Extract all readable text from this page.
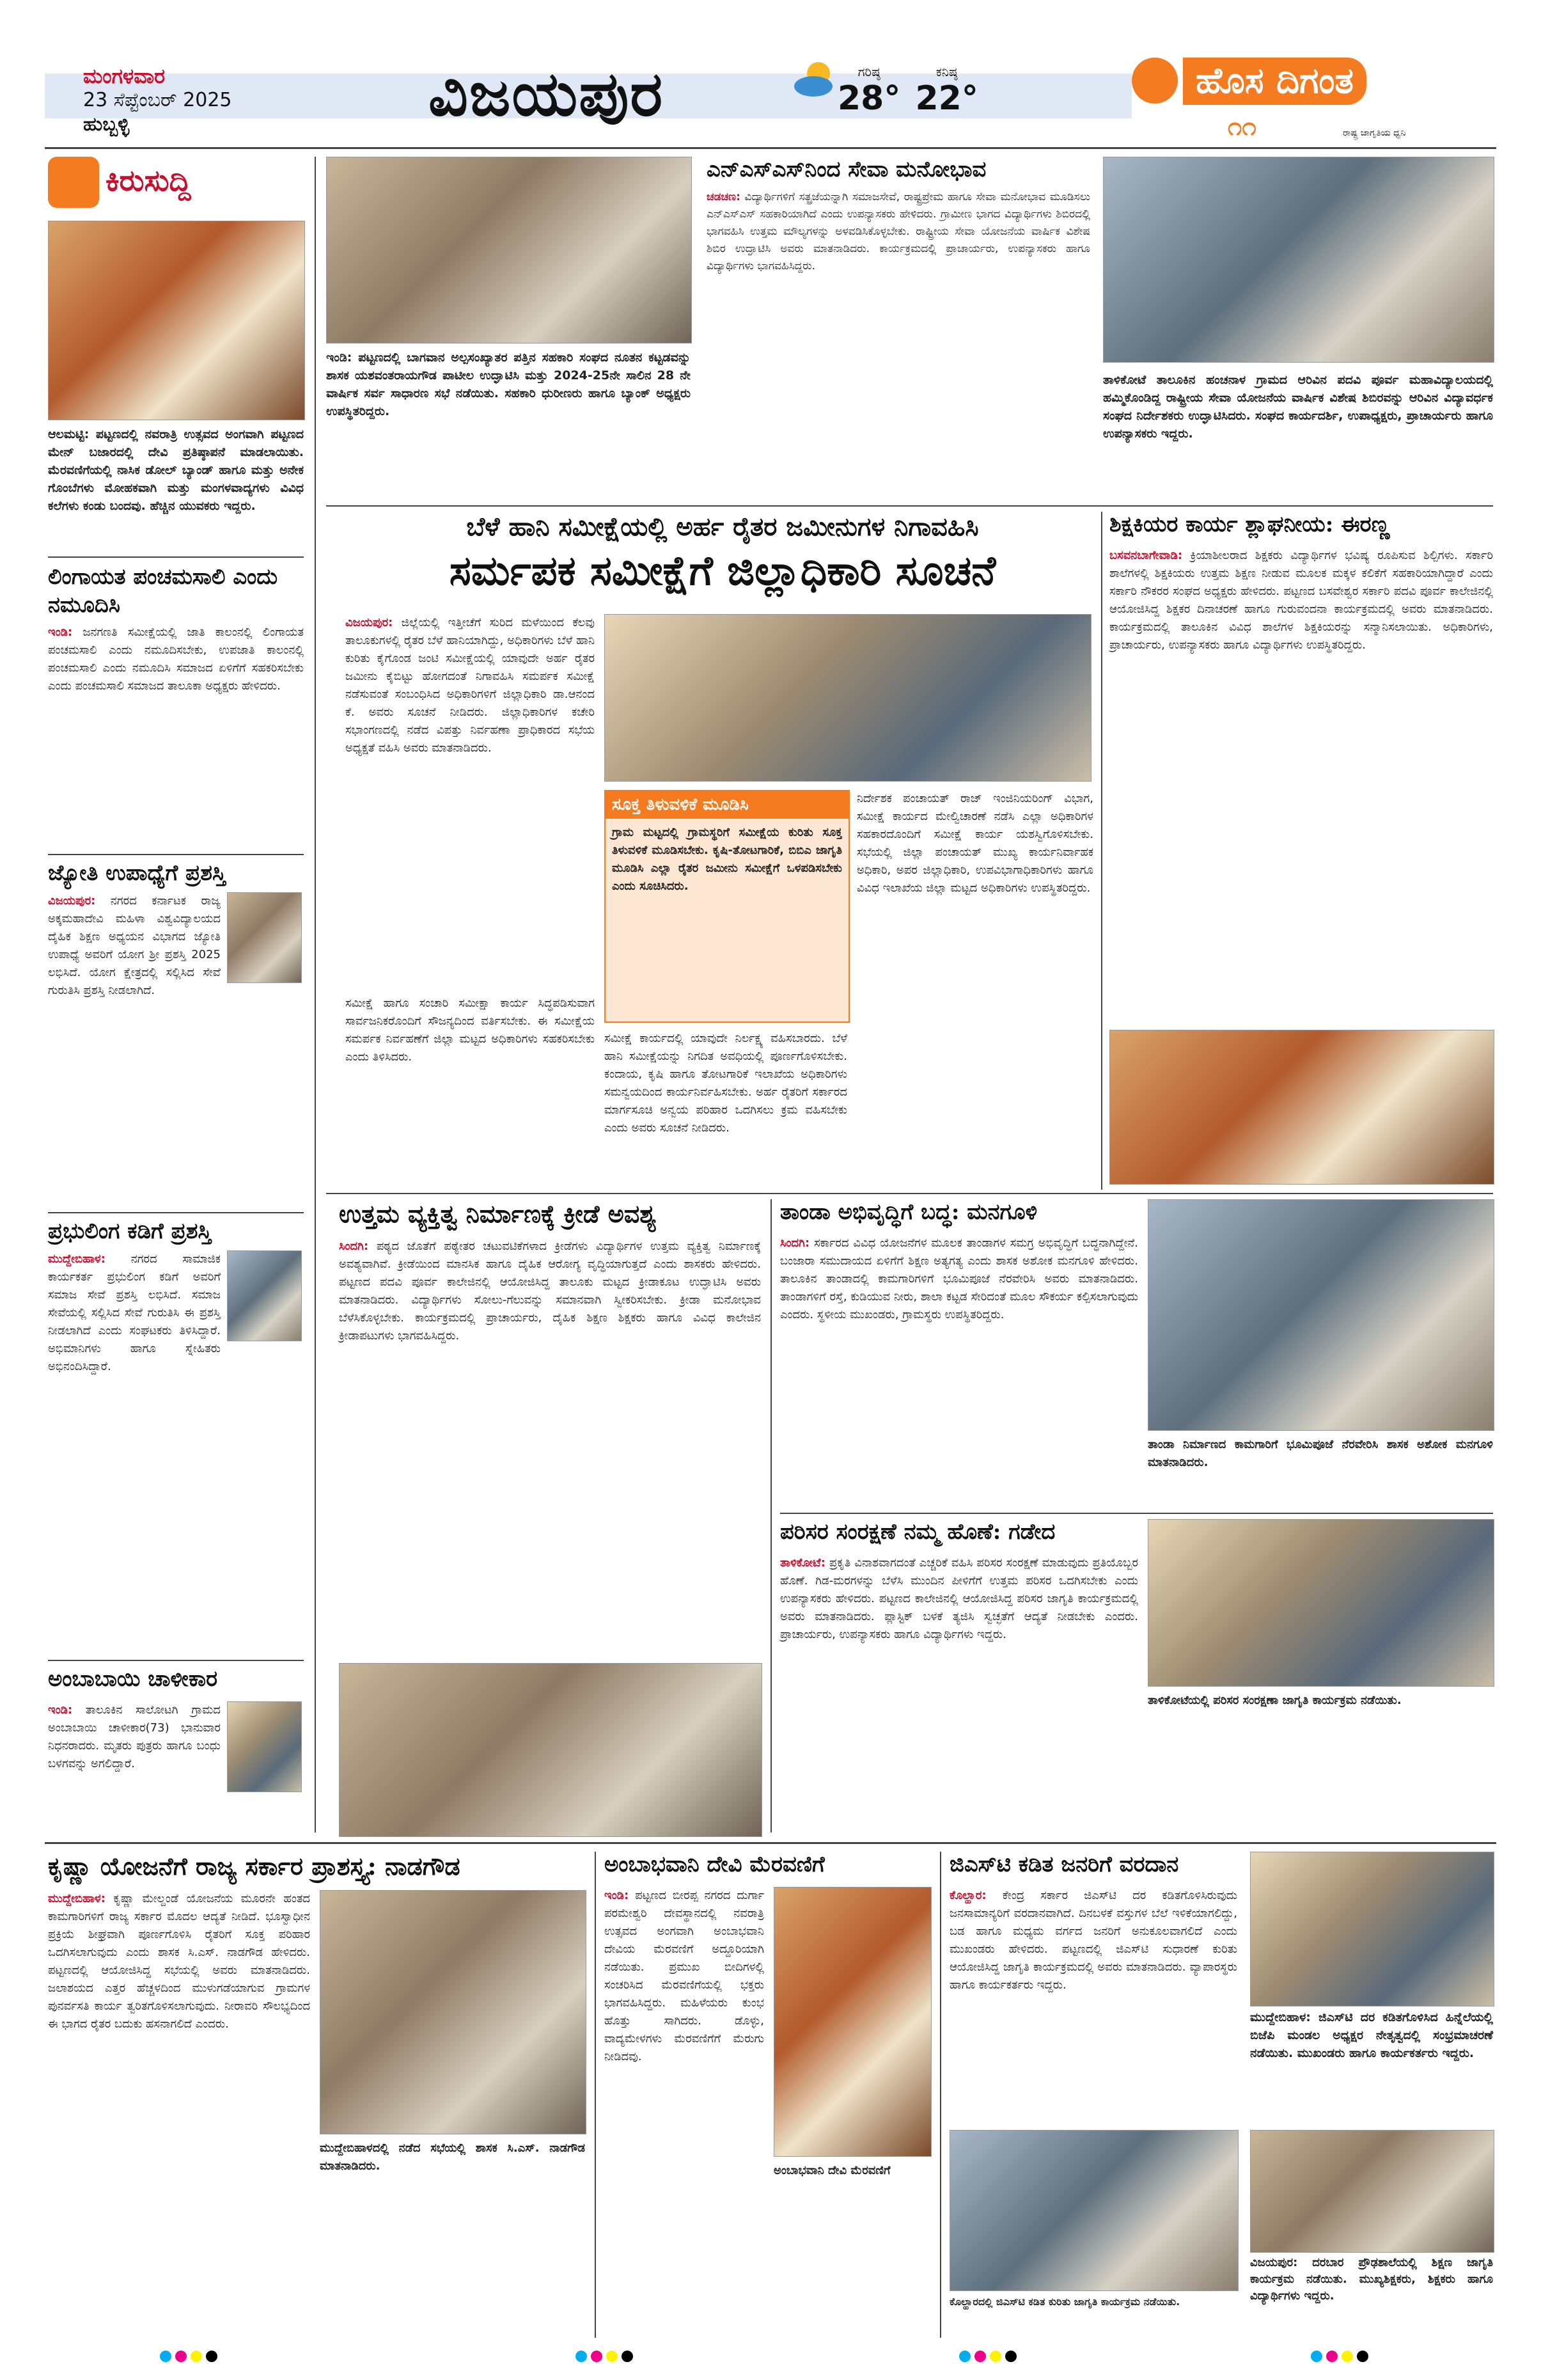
ಮಂಗಳವಾರ
23 ಸೆಪ್ಟೆಂಬರ್ 2025
ಹುಬ್ಬಳ್ಳಿ	ವಿಜಯಪುರ	ಗರಿಷ್ಠ
28°
ಕನಿಷ್ಠ
22°	ಹೊಸ ದಿಗಂತ
೧೧	ರಾಷ್ಟ್ರ ಜಾಗೃತಿಯ ಧ್ವನಿ
ಕಿರುಸುದ್ದಿ
ಆಲಮಟ್ಟಿ: ಪಟ್ಟಣದಲ್ಲಿ ನವರಾತ್ರಿ ಉತ್ಸವದ ಅಂಗವಾಗಿ ಪಟ್ಟಣದ ಮೇನ್ ಬಜಾರದಲ್ಲಿ ದೇವಿ ಪ್ರತಿಷ್ಠಾಪನೆ ಮಾಡಲಾಯಿತು. ಮೆರವಣಿಗೆಯಲ್ಲಿ ನಾಸಿಕ ಡೋಲ್ ಬ್ಯಾಂಡ್ ಹಾಗೂ ಮತ್ತು ಅನೇಕ ಗೊಂಬೆಗಳು ಮೋಹಕವಾಗಿ ಮತ್ತು ಮಂಗಳವಾದ್ಯಗಳು ವಿವಿಧ ಕಲೆಗಳು ಕಂಡು ಬಂದವು. ಹೆಚ್ಚಿನ ಯುವಕರು ಇದ್ದರು.
ಲಿಂಗಾಯತ ಪಂಚಮಸಾಲಿ ಎಂದು ನಮೂದಿಸಿ
ಇಂಡಿ: ಜನಗಣತಿ ಸಮೀಕ್ಷೆಯಲ್ಲಿ ಜಾತಿ ಕಾಲಂನಲ್ಲಿ ಲಿಂಗಾಯತ ಪಂಚಮಸಾಲಿ ಎಂದು ನಮೂದಿಸಬೇಕು, ಉಪಜಾತಿ ಕಾಲಂನಲ್ಲಿ ಪಂಚಮಸಾಲಿ ಎಂದು ನಮೂದಿಸಿ ಸಮಾಜದ ಏಳಿಗೆಗೆ ಸಹಕರಿಸಬೇಕು ಎಂದು ಪಂಚಮಸಾಲಿ ಸಮಾಜದ ತಾಲೂಕಾ ಅಧ್ಯಕ್ಷರು ಹೇಳಿದರು.
ಜ್ಯೋತಿ ಉಪಾಧ್ಯೆಗೆ ಪ್ರಶಸ್ತಿ
ವಿಜಯಪುರ: ನಗರದ ಕರ್ನಾಟಕ ರಾಜ್ಯ ಅಕ್ಕಮಹಾದೇವಿ ಮಹಿಳಾ ವಿಶ್ವವಿದ್ಯಾಲಯದ ದೈಹಿಕ ಶಿಕ್ಷಣ ಅಧ್ಯಯನ ವಿಭಾಗದ ಜ್ಯೋತಿ ಉಪಾಧ್ಯೆ ಅವರಿಗೆ ಯೋಗ ಶ್ರೀ ಪ್ರಶಸ್ತಿ 2025 ಲಭಿಸಿದೆ. ಯೋಗ ಕ್ಷೇತ್ರದಲ್ಲಿ ಸಲ್ಲಿಸಿದ ಸೇವೆ ಗುರುತಿಸಿ ಪ್ರಶಸ್ತಿ ನೀಡಲಾಗಿದೆ.
ಪ್ರಭುಲಿಂಗ ಕಡಿಗೆ ಪ್ರಶಸ್ತಿ
ಮುದ್ದೇಬಿಹಾಳ: ನಗರದ ಸಾಮಾಜಿಕ ಕಾರ್ಯಕರ್ತ ಪ್ರಭುಲಿಂಗ ಕಡಿಗೆ ಅವರಿಗೆ ಸಮಾಜ ಸೇವೆ ಪ್ರಶಸ್ತಿ ಲಭಿಸಿದೆ. ಸಮಾಜ ಸೇವೆಯಲ್ಲಿ ಸಲ್ಲಿಸಿದ ಸೇವೆ ಗುರುತಿಸಿ ಈ ಪ್ರಶಸ್ತಿ ನೀಡಲಾಗಿದೆ ಎಂದು ಸಂಘಟಕರು ತಿಳಿಸಿದ್ದಾರೆ. ಅಭಿಮಾನಿಗಳು ಹಾಗೂ ಸ್ನೇಹಿತರು ಅಭಿನಂದಿಸಿದ್ದಾರೆ.
ಅಂಬಾಬಾಯಿ ಚಾಳೀಕಾರ
ಇಂಡಿ: ತಾಲೂಕಿನ ಸಾಲೋಟಗಿ ಗ್ರಾಮದ ಅಂಬಾಬಾಯಿ ಚಾಳೀಕಾರ(73) ಭಾನುವಾರ ನಿಧನರಾದರು. ಮೃತರು ಪುತ್ರರು ಹಾಗೂ ಬಂಧು ಬಳಗವನ್ನು ಅಗಲಿದ್ದಾರೆ.
ಇಂಡಿ: ಪಟ್ಟಣದಲ್ಲಿ ಬಾಗವಾನ ಅಲ್ಪಸಂಖ್ಯಾತರ ಪತ್ತಿನ ಸಹಕಾರಿ ಸಂಘದ ನೂತನ ಕಟ್ಟಡವನ್ನು ಶಾಸಕ ಯಶವಂತರಾಯಗೌಡ ಪಾಟೀಲ ಉದ್ಘಾಟಿಸಿ ಮತ್ತು 2024-25ನೇ ಸಾಲಿನ 28 ನೇ ವಾರ್ಷಿಕ ಸರ್ವ ಸಾಧಾರಣ ಸಭೆ ನಡೆಯಿತು. ಸಹಕಾರಿ ಧುರೀಣರು ಹಾಗೂ ಬ್ಯಾಂಕ್ ಅಧ್ಯಕ್ಷರು ಉಪಸ್ಥಿತರಿದ್ದರು.
ಎನ್‌ಎಸ್‌ಎಸ್‌ನಿಂದ ಸೇವಾ ಮನೋಭಾವ
ಚಡಚಣ: ವಿದ್ಯಾರ್ಥಿಗಳಿಗೆ ಸತ್ಪ್ರಜೆಯನ್ನಾಗಿ ಸಮಾಜಸೇವೆ, ರಾಷ್ಟ್ರಪ್ರೇಮ ಹಾಗೂ ಸೇವಾ ಮನೋಭಾವ ಮೂಡಿಸಲು ಎನ್‌ಎಸ್‌ಎಸ್ ಸಹಕಾರಿಯಾಗಿದೆ ಎಂದು ಉಪನ್ಯಾಸಕರು ಹೇಳಿದರು. ಗ್ರಾಮೀಣ ಭಾಗದ ವಿದ್ಯಾರ್ಥಿಗಳು ಶಿಬಿರದಲ್ಲಿ ಭಾಗವಹಿಸಿ ಉತ್ತಮ ಮೌಲ್ಯಗಳನ್ನು ಅಳವಡಿಸಿಕೊಳ್ಳಬೇಕು. ರಾಷ್ಟ್ರೀಯ ಸೇವಾ ಯೋಜನೆಯ ವಾರ್ಷಿಕ ವಿಶೇಷ ಶಿಬಿರ ಉದ್ಘಾಟಿಸಿ ಅವರು ಮಾತನಾಡಿದರು. ಕಾರ್ಯಕ್ರಮದಲ್ಲಿ ಪ್ರಾಚಾರ್ಯರು, ಉಪನ್ಯಾಸಕರು ಹಾಗೂ ವಿದ್ಯಾರ್ಥಿಗಳು ಭಾಗವಹಿಸಿದ್ದರು.
ತಾಳಿಕೋಟೆ ತಾಲೂಕಿನ ಹಂಚನಾಳ ಗ್ರಾಮದ ಆರಿವಿನ ಪದವಿ ಪೂರ್ವ ಮಹಾವಿದ್ಯಾಲಯದಲ್ಲಿ ಹಮ್ಮಿಕೊಂಡಿದ್ದ ರಾಷ್ಟ್ರೀಯ ಸೇವಾ ಯೋಜನೆಯ ವಾರ್ಷಿಕ ವಿಶೇಷ ಶಿಬಿರವನ್ನು ಆರಿವಿನ ವಿದ್ಯಾವರ್ಧಕ ಸಂಘದ ನಿರ್ದೇಶಕರು ಉದ್ಘಾಟಿಸಿದರು. ಸಂಘದ ಕಾರ್ಯದರ್ಶಿ, ಉಪಾಧ್ಯಕ್ಷರು, ಪ್ರಾಚಾರ್ಯರು ಹಾಗೂ ಉಪನ್ಯಾಸಕರು ಇದ್ದರು.
ಬೆಳೆ ಹಾನಿ ಸಮೀಕ್ಷೆಯಲ್ಲಿ ಅರ್ಹ ರೈತರ ಜಮೀನುಗಳ ನಿಗಾವಹಿಸಿ
ಸರ್ಮಪಕ ಸಮೀಕ್ಷೆಗೆ ಜಿಲ್ಲಾಧಿಕಾರಿ ಸೂಚನೆ
ವಿಜಯಪುರ: ಜಿಲ್ಲೆಯಲ್ಲಿ ಇತ್ತೀಚೆಗೆ ಸುರಿದ ಮಳೆಯಿಂದ ಕೆಲವು ತಾಲೂಕುಗಳಲ್ಲಿ ರೈತರ ಬೆಳೆ ಹಾನಿಯಾಗಿದ್ದು, ಅಧಿಕಾರಿಗಳು ಬೆಳೆ ಹಾನಿ ಕುರಿತು ಕೈಗೊಂಡ ಜಂಟಿ ಸಮೀಕ್ಷೆಯಲ್ಲಿ ಯಾವುದೇ ಅರ್ಹ ರೈತರ ಜಮೀನು ಕೈಬಿಟ್ಟು ಹೋಗದಂತೆ ನಿಗಾವಹಿಸಿ ಸಮರ್ಪಕ ಸಮೀಕ್ಷೆ ನಡೆಸುವಂತೆ ಸಂಬಂಧಿಸಿದ ಅಧಿಕಾರಿಗಳಿಗೆ ಜಿಲ್ಲಾಧಿಕಾರಿ ಡಾ.ಆನಂದ ಕೆ. ಅವರು ಸೂಚನೆ ನೀಡಿದರು. ಜಿಲ್ಲಾಧಿಕಾರಿಗಳ ಕಚೇರಿ ಸಭಾಂಗಣದಲ್ಲಿ ನಡೆದ ವಿಪತ್ತು ನಿರ್ವಹಣಾ ಪ್ರಾಧಿಕಾರದ ಸಭೆಯ ಅಧ್ಯಕ್ಷತೆ ವಹಿಸಿ ಅವರು ಮಾತನಾಡಿದರು.
ಸೂಕ್ತ ತಿಳುವಳಿಕೆ ಮೂಡಿಸಿ
ಗ್ರಾಮ ಮಟ್ಟದಲ್ಲಿ ಗ್ರಾಮಸ್ಥರಿಗೆ ಸಮೀಕ್ಷೆಯ ಕುರಿತು ಸೂಕ್ತ ತಿಳುವಳಿಕೆ ಮೂಡಿಸಬೇಕು. ಕೃಷಿ-ತೋಟಗಾರಿಕೆ, ಬಿಬಿಎ ಜಾಗೃತಿ ಮೂಡಿಸಿ ಎಲ್ಲಾ ರೈತರ ಜಮೀನು ಸಮೀಕ್ಷೆಗೆ ಒಳಪಡಿಸಬೇಕು ಎಂದು ಸೂಚಿಸಿದರು.
ಸಮೀಕ್ಷೆ ಹಾಗೂ ಸಂಚಾರಿ ಸಮೀಕ್ಷಾ ಕಾರ್ಯ ಸಿದ್ಧಪಡಿಸುವಾಗ ಸಾರ್ವಜನಿಕರೊಂದಿಗೆ ಸೌಜನ್ಯದಿಂದ ವರ್ತಿಸಬೇಕು. ಈ ಸಮೀಕ್ಷೆಯ ಸಮರ್ಪಕ ನಿರ್ವಹಣೆಗೆ ಜಿಲ್ಲಾ ಮಟ್ಟದ ಅಧಿಕಾರಿಗಳು ಸಹಕರಿಸಬೇಕು ಎಂದು ತಿಳಿಸಿದರು.
ಸಮೀಕ್ಷೆ ಕಾರ್ಯದಲ್ಲಿ ಯಾವುದೇ ನಿರ್ಲಕ್ಷ್ಯ ವಹಿಸಬಾರದು. ಬೆಳೆ ಹಾನಿ ಸಮೀಕ್ಷೆಯನ್ನು ನಿಗದಿತ ಅವಧಿಯಲ್ಲಿ ಪೂರ್ಣಗೊಳಿಸಬೇಕು. ಕಂದಾಯ, ಕೃಷಿ ಹಾಗೂ ತೋಟಗಾರಿಕೆ ಇಲಾಖೆಯ ಅಧಿಕಾರಿಗಳು ಸಮನ್ವಯದಿಂದ ಕಾರ್ಯನಿರ್ವಹಿಸಬೇಕು. ಅರ್ಹ ರೈತರಿಗೆ ಸರ್ಕಾರದ ಮಾರ್ಗಸೂಚಿ ಅನ್ವಯ ಪರಿಹಾರ ಒದಗಿಸಲು ಕ್ರಮ ವಹಿಸಬೇಕು ಎಂದು ಅವರು ಸೂಚನೆ ನೀಡಿದರು.
ನಿರ್ದೇಶಕ ಪಂಚಾಯತ್ ರಾಜ್ ಇಂಜಿನಿಯರಿಂಗ್ ವಿಭಾಗ, ಸಮೀಕ್ಷೆ ಕಾರ್ಯದ ಮೇಲ್ವಿಚಾರಣೆ ನಡೆಸಿ ಎಲ್ಲಾ ಅಧಿಕಾರಿಗಳ ಸಹಕಾರದೊಂದಿಗೆ ಸಮೀಕ್ಷೆ ಕಾರ್ಯ ಯಶಸ್ವಿಗೊಳಿಸಬೇಕು. ಸಭೆಯಲ್ಲಿ ಜಿಲ್ಲಾ ಪಂಚಾಯತ್ ಮುಖ್ಯ ಕಾರ್ಯನಿರ್ವಾಹಕ ಅಧಿಕಾರಿ, ಅಪರ ಜಿಲ್ಲಾಧಿಕಾರಿ, ಉಪವಿಭಾಗಾಧಿಕಾರಿಗಳು ಹಾಗೂ ವಿವಿಧ ಇಲಾಖೆಯ ಜಿಲ್ಲಾ ಮಟ್ಟದ ಅಧಿಕಾರಿಗಳು ಉಪಸ್ಥಿತರಿದ್ದರು.
ಶಿಕ್ಷಕಿಯರ ಕಾರ್ಯ ಶ್ಲಾಘನೀಯ: ಈರಣ್ಣ
ಬಸವನಬಾಗೇವಾಡಿ: ಕ್ರಿಯಾಶೀಲರಾದ ಶಿಕ್ಷಕರು ವಿದ್ಯಾರ್ಥಿಗಳ ಭವಿಷ್ಯ ರೂಪಿಸುವ ಶಿಲ್ಪಿಗಳು. ಸರ್ಕಾರಿ ಶಾಲೆಗಳಲ್ಲಿ ಶಿಕ್ಷಕಿಯರು ಉತ್ತಮ ಶಿಕ್ಷಣ ನೀಡುವ ಮೂಲಕ ಮಕ್ಕಳ ಕಲಿಕೆಗೆ ಸಹಕಾರಿಯಾಗಿದ್ದಾರೆ ಎಂದು ಸರ್ಕಾರಿ ನೌಕರರ ಸಂಘದ ಅಧ್ಯಕ್ಷರು ಹೇಳಿದರು. ಪಟ್ಟಣದ ಬಸವೇಶ್ವರ ಸರ್ಕಾರಿ ಪದವಿ ಪೂರ್ವ ಕಾಲೇಜಿನಲ್ಲಿ ಆಯೋಜಿಸಿದ್ದ ಶಿಕ್ಷಕರ ದಿನಾಚರಣೆ ಹಾಗೂ ಗುರುವಂದನಾ ಕಾರ್ಯಕ್ರಮದಲ್ಲಿ ಅವರು ಮಾತನಾಡಿದರು. ಕಾರ್ಯಕ್ರಮದಲ್ಲಿ ತಾಲೂಕಿನ ವಿವಿಧ ಶಾಲೆಗಳ ಶಿಕ್ಷಕಿಯರನ್ನು ಸನ್ಮಾನಿಸಲಾಯಿತು. ಅಧಿಕಾರಿಗಳು, ಪ್ರಾಚಾರ್ಯರು, ಉಪನ್ಯಾಸಕರು ಹಾಗೂ ವಿದ್ಯಾರ್ಥಿಗಳು ಉಪಸ್ಥಿತರಿದ್ದರು.
ಉತ್ತಮ ವ್ಯಕ್ತಿತ್ವ ನಿರ್ಮಾಣಕ್ಕೆ ಕ್ರೀಡೆ ಅವಶ್ಯ
ಸಿಂದಗಿ: ಪಠ್ಯದ ಜೊತೆಗೆ ಪಠ್ಯೇತರ ಚಟುವಟಿಕೆಗಳಾದ ಕ್ರೀಡೆಗಳು ವಿದ್ಯಾರ್ಥಿಗಳ ಉತ್ತಮ ವ್ಯಕ್ತಿತ್ವ ನಿರ್ಮಾಣಕ್ಕೆ ಅವಶ್ಯವಾಗಿವೆ. ಕ್ರೀಡೆಯಿಂದ ಮಾನಸಿಕ ಹಾಗೂ ದೈಹಿಕ ಆರೋಗ್ಯ ವೃದ್ಧಿಯಾಗುತ್ತದೆ ಎಂದು ಶಾಸಕರು ಹೇಳಿದರು. ಪಟ್ಟಣದ ಪದವಿ ಪೂರ್ವ ಕಾಲೇಜಿನಲ್ಲಿ ಆಯೋಜಿಸಿದ್ದ ತಾಲೂಕು ಮಟ್ಟದ ಕ್ರೀಡಾಕೂಟ ಉದ್ಘಾಟಿಸಿ ಅವರು ಮಾತನಾಡಿದರು. ವಿದ್ಯಾರ್ಥಿಗಳು ಸೋಲು-ಗೆಲುವನ್ನು ಸಮಾನವಾಗಿ ಸ್ವೀಕರಿಸಬೇಕು. ಕ್ರೀಡಾ ಮನೋಭಾವ ಬೆಳೆಸಿಕೊಳ್ಳಬೇಕು. ಕಾರ್ಯಕ್ರಮದಲ್ಲಿ ಪ್ರಾಚಾರ್ಯರು, ದೈಹಿಕ ಶಿಕ್ಷಣ ಶಿಕ್ಷಕರು ಹಾಗೂ ವಿವಿಧ ಕಾಲೇಜಿನ ಕ್ರೀಡಾಪಟುಗಳು ಭಾಗವಹಿಸಿದ್ದರು.
ತಾಂಡಾ ಅಭಿವೃದ್ಧಿಗೆ ಬದ್ಧ: ಮನಗೂಳಿ
ಸಿಂದಗಿ: ಸರ್ಕಾರದ ವಿವಿಧ ಯೋಜನೆಗಳ ಮೂಲಕ ತಾಂಡಾಗಳ ಸಮಗ್ರ ಅಭಿವೃದ್ಧಿಗೆ ಬದ್ಧನಾಗಿದ್ದೇನೆ. ಬಂಜಾರಾ ಸಮುದಾಯದ ಏಳಿಗೆಗೆ ಶಿಕ್ಷಣ ಅತ್ಯಗತ್ಯ ಎಂದು ಶಾಸಕ ಅಶೋಕ ಮನಗೂಳಿ ಹೇಳಿದರು. ತಾಲೂಕಿನ ತಾಂಡಾದಲ್ಲಿ ಕಾಮಗಾರಿಗಳಿಗೆ ಭೂಮಿಪೂಜೆ ನೆರವೇರಿಸಿ ಅವರು ಮಾತನಾಡಿದರು. ತಾಂಡಾಗಳಿಗೆ ರಸ್ತೆ, ಕುಡಿಯುವ ನೀರು, ಶಾಲಾ ಕಟ್ಟಡ ಸೇರಿದಂತೆ ಮೂಲ ಸೌಕರ್ಯ ಕಲ್ಪಿಸಲಾಗುವುದು ಎಂದರು. ಸ್ಥಳೀಯ ಮುಖಂಡರು, ಗ್ರಾಮಸ್ಥರು ಉಪಸ್ಥಿತರಿದ್ದರು.
ತಾಂಡಾ ನಿರ್ಮಾಣದ ಕಾಮಗಾರಿಗೆ ಭೂಮಿಪೂಜೆ ನೆರವೇರಿಸಿ ಶಾಸಕ ಅಶೋಕ ಮನಗೂಳಿ ಮಾತನಾಡಿದರು.
ಪರಿಸರ ಸಂರಕ್ಷಣೆ ನಮ್ಮ ಹೊಣೆ: ಗಡೇದ
ತಾಳಿಕೋಟೆ: ಪ್ರಕೃತಿ ವಿನಾಶವಾಗದಂತೆ ಎಚ್ಚರಿಕೆ ವಹಿಸಿ ಪರಿಸರ ಸಂರಕ್ಷಣೆ ಮಾಡುವುದು ಪ್ರತಿಯೊಬ್ಬರ ಹೊಣೆ. ಗಿಡ-ಮರಗಳನ್ನು ಬೆಳೆಸಿ ಮುಂದಿನ ಪೀಳಿಗೆಗೆ ಉತ್ತಮ ಪರಿಸರ ಒದಗಿಸಬೇಕು ಎಂದು ಉಪನ್ಯಾಸಕರು ಹೇಳಿದರು. ಪಟ್ಟಣದ ಕಾಲೇಜಿನಲ್ಲಿ ಆಯೋಜಿಸಿದ್ದ ಪರಿಸರ ಜಾಗೃತಿ ಕಾರ್ಯಕ್ರಮದಲ್ಲಿ ಅವರು ಮಾತನಾಡಿದರು. ಪ್ಲಾಸ್ಟಿಕ್ ಬಳಕೆ ತ್ಯಜಿಸಿ ಸ್ವಚ್ಛತೆಗೆ ಆದ್ಯತೆ ನೀಡಬೇಕು ಎಂದರು. ಪ್ರಾಚಾರ್ಯರು, ಉಪನ್ಯಾಸಕರು ಹಾಗೂ ವಿದ್ಯಾರ್ಥಿಗಳು ಇದ್ದರು.
ತಾಳಿಕೋಟೆಯಲ್ಲಿ ಪರಿಸರ ಸಂರಕ್ಷಣಾ ಜಾಗೃತಿ ಕಾರ್ಯಕ್ರಮ ನಡೆಯಿತು.
ಕೃಷ್ಣಾ ಯೋಜನೆಗೆ ರಾಜ್ಯ ಸರ್ಕಾರ ಪ್ರಾಶಸ್ತ್ಯ: ನಾಡಗೌಡ
ಮುದ್ದೇಬಿಹಾಳ: ಕೃಷ್ಣಾ ಮೇಲ್ದಂಡೆ ಯೋಜನೆಯ ಮೂರನೇ ಹಂತದ ಕಾಮಗಾರಿಗಳಿಗೆ ರಾಜ್ಯ ಸರ್ಕಾರ ಮೊದಲ ಆದ್ಯತೆ ನೀಡಿದೆ. ಭೂಸ್ವಾಧೀನ ಪ್ರಕ್ರಿಯೆ ಶೀಘ್ರವಾಗಿ ಪೂರ್ಣಗೊಳಿಸಿ ರೈತರಿಗೆ ಸೂಕ್ತ ಪರಿಹಾರ ಒದಗಿಸಲಾಗುವುದು ಎಂದು ಶಾಸಕ ಸಿ.ಎಸ್. ನಾಡಗೌಡ ಹೇಳಿದರು. ಪಟ್ಟಣದಲ್ಲಿ ಆಯೋಜಿಸಿದ್ದ ಸಭೆಯಲ್ಲಿ ಅವರು ಮಾತನಾಡಿದರು. ಜಲಾಶಯದ ಎತ್ತರ ಹೆಚ್ಚಳದಿಂದ ಮುಳುಗಡೆಯಾಗುವ ಗ್ರಾಮಗಳ ಪುನರ್ವಸತಿ ಕಾರ್ಯ ತ್ವರಿತಗೊಳಿಸಲಾಗುವುದು. ನೀರಾವರಿ ಸೌಲಭ್ಯದಿಂದ ಈ ಭಾಗದ ರೈತರ ಬದುಕು ಹಸನಾಗಲಿದೆ ಎಂದರು.
ಮುದ್ದೇಬಿಹಾಳದಲ್ಲಿ ನಡೆದ ಸಭೆಯಲ್ಲಿ ಶಾಸಕ ಸಿ.ಎಸ್. ನಾಡಗೌಡ ಮಾತನಾಡಿದರು.
ಅಂಬಾಭವಾನಿ ದೇವಿ ಮೆರವಣಿಗೆ
ಇಂಡಿ: ಪಟ್ಟಣದ ಬೀರಪ್ಪ ನಗರದ ದುರ್ಗಾ ಪರಮೇಶ್ವರಿ ದೇವಸ್ಥಾನದಲ್ಲಿ ನವರಾತ್ರಿ ಉತ್ಸವದ ಅಂಗವಾಗಿ ಅಂಬಾಭವಾನಿ ದೇವಿಯ ಮೆರವಣಿಗೆ ಅದ್ದೂರಿಯಾಗಿ ನಡೆಯಿತು. ಪ್ರಮುಖ ಬೀದಿಗಳಲ್ಲಿ ಸಂಚರಿಸಿದ ಮೆರವಣಿಗೆಯಲ್ಲಿ ಭಕ್ತರು ಭಾಗವಹಿಸಿದ್ದರು. ಮಹಿಳೆಯರು ಕುಂಭ ಹೊತ್ತು ಸಾಗಿದರು. ಡೊಳ್ಳು, ವಾದ್ಯಮೇಳಗಳು ಮೆರವಣಿಗೆಗೆ ಮೆರುಗು ನೀಡಿದವು.
ಅಂಬಾಭವಾನಿ ದೇವಿ ಮೆರವಣಿಗೆ
ಜಿಎಸ್‌ಟಿ ಕಡಿತ ಜನರಿಗೆ ವರದಾನ
ಕೊಲ್ಹಾರ: ಕೇಂದ್ರ ಸರ್ಕಾರ ಜಿಎಸ್‌ಟಿ ದರ ಕಡಿತಗೊಳಿಸಿರುವುದು ಜನಸಾಮಾನ್ಯರಿಗೆ ವರದಾನವಾಗಿದೆ. ದಿನಬಳಕೆ ವಸ್ತುಗಳ ಬೆಲೆ ಇಳಿಕೆಯಾಗಲಿದ್ದು, ಬಡ ಹಾಗೂ ಮಧ್ಯಮ ವರ್ಗದ ಜನರಿಗೆ ಅನುಕೂಲವಾಗಲಿದೆ ಎಂದು ಮುಖಂಡರು ಹೇಳಿದರು. ಪಟ್ಟಣದಲ್ಲಿ ಜಿಎಸ್‌ಟಿ ಸುಧಾರಣೆ ಕುರಿತು ಆಯೋಜಿಸಿದ್ದ ಜಾಗೃತಿ ಕಾರ್ಯಕ್ರಮದಲ್ಲಿ ಅವರು ಮಾತನಾಡಿದರು. ವ್ಯಾಪಾರಸ್ಥರು ಹಾಗೂ ಕಾರ್ಯಕರ್ತರು ಇದ್ದರು.
ಕೊಲ್ಹಾರದಲ್ಲಿ ಜಿಎಸ್‌ಟಿ ಕಡಿತ ಕುರಿತು ಜಾಗೃತಿ ಕಾರ್ಯಕ್ರಮ ನಡೆಯಿತು.
ಮುದ್ದೇಬಿಹಾಳ: ಜಿಎಸ್‌ಟಿ ದರ ಕಡಿತಗೊಳಿಸಿದ ಹಿನ್ನೆಲೆಯಲ್ಲಿ ಬಿಜೆಪಿ ಮಂಡಲ ಅಧ್ಯಕ್ಷರ ನೇತೃತ್ವದಲ್ಲಿ ಸಂಭ್ರಮಾಚರಣೆ ನಡೆಯಿತು. ಮುಖಂಡರು ಹಾಗೂ ಕಾರ್ಯಕರ್ತರು ಇದ್ದರು.
ವಿಜಯಪುರ: ದರಬಾರ ಪ್ರೌಢಶಾಲೆಯಲ್ಲಿ ಶಿಕ್ಷಣ ಜಾಗೃತಿ ಕಾರ್ಯಕ್ರಮ ನಡೆಯಿತು. ಮುಖ್ಯಶಿಕ್ಷಕರು, ಶಿಕ್ಷಕರು ಹಾಗೂ ವಿದ್ಯಾರ್ಥಿಗಳು ಇದ್ದರು.
